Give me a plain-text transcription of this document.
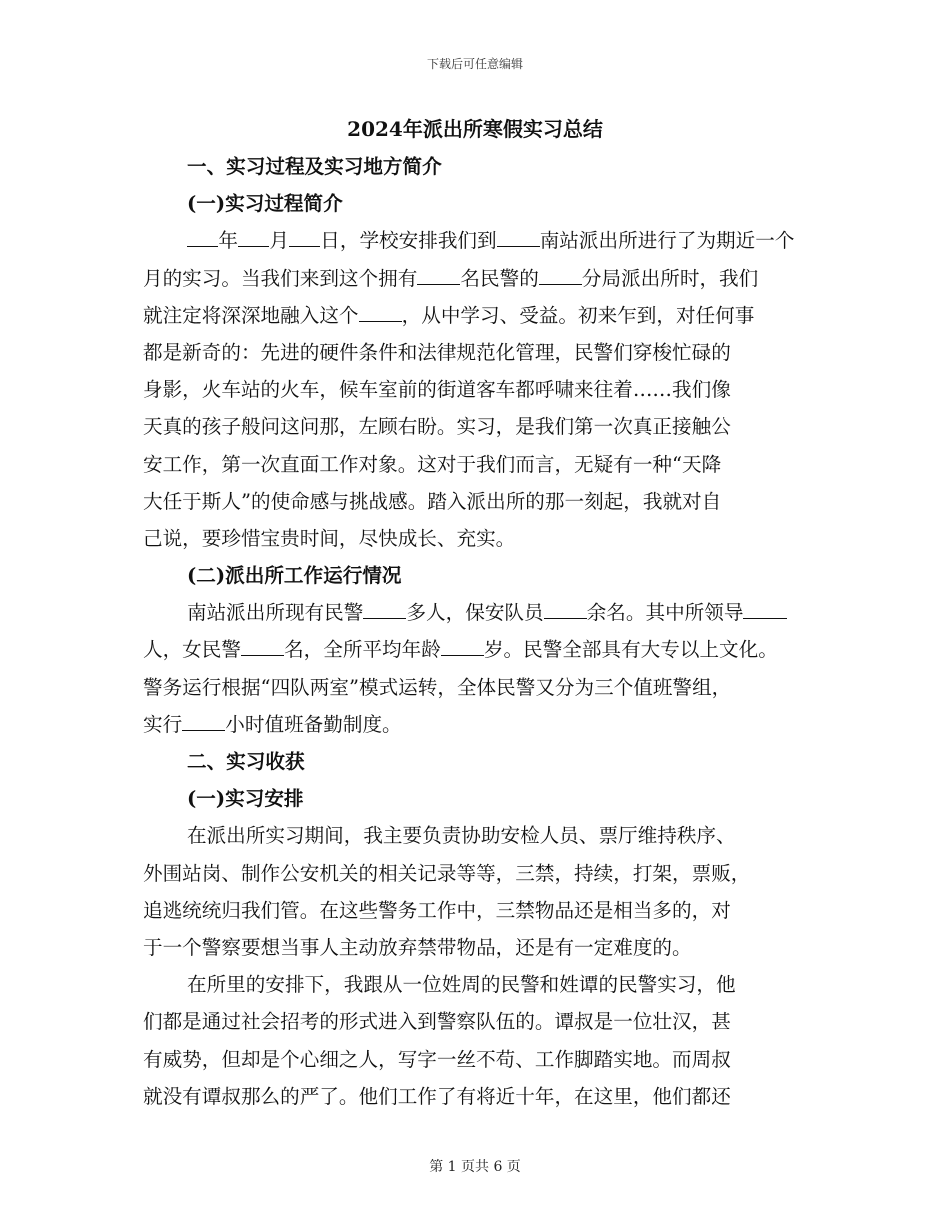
下载后可任意编辑
2024年派出所寒假实习总结
一、实习过程及实习地方简介
(一)实习过程简介
年 月 日，学校安排我们到 南站派出所进行了为期近一个
月的实习。当我们来到这个拥有 名民警的 分局派出所时，我们
就注定将深深地融入这个 ，从中学习、受益。初来乍到，对任何事
都是新奇的：先进的硬件条件和法律规范化管理，民警们穿梭忙碌的
身影，火车站的火车，候车室前的街道客车都呼啸来往着……我们像
天真的孩子般问这问那，左顾右盼。实习，是我们第一次真正接触公
安工作，第一次直面工作对象。这对于我们而言，无疑有一种“天降
大任于斯人”的使命感与挑战感。踏入派出所的那一刻起，我就对自
己说，要珍惜宝贵时间，尽快成长、充实。
(二)派出所工作运行情况
南站派出所现有民警 多人，保安队员 余名。其中所领导
人，女民警 名，全所平均年龄 岁。民警全部具有大专以上文化。
警务运行根据“四队两室”模式运转，全体民警又分为三个值班警组，
实行 小时值班备勤制度。
二、实习收获
(一)实习安排
在派出所实习期间，我主要负责协助安检人员、票厅维持秩序、
外围站岗、制作公安机关的相关记录等等，三禁，持续，打架，票贩，
追逃统统归我们管。在这些警务工作中，三禁物品还是相当多的，对
于一个警察要想当事人主动放弃禁带物品，还是有一定难度的。
在所里的安排下，我跟从一位姓周的民警和姓谭的民警实习，他
们都是通过社会招考的形式进入到警察队伍的。谭叔是一位壮汉，甚
有威势，但却是个心细之人，写字一丝不苟、工作脚踏实地。而周叔
就没有谭叔那么的严了。他们工作了有将近十年，在这里，他们都还
第 1 页共 6 页
